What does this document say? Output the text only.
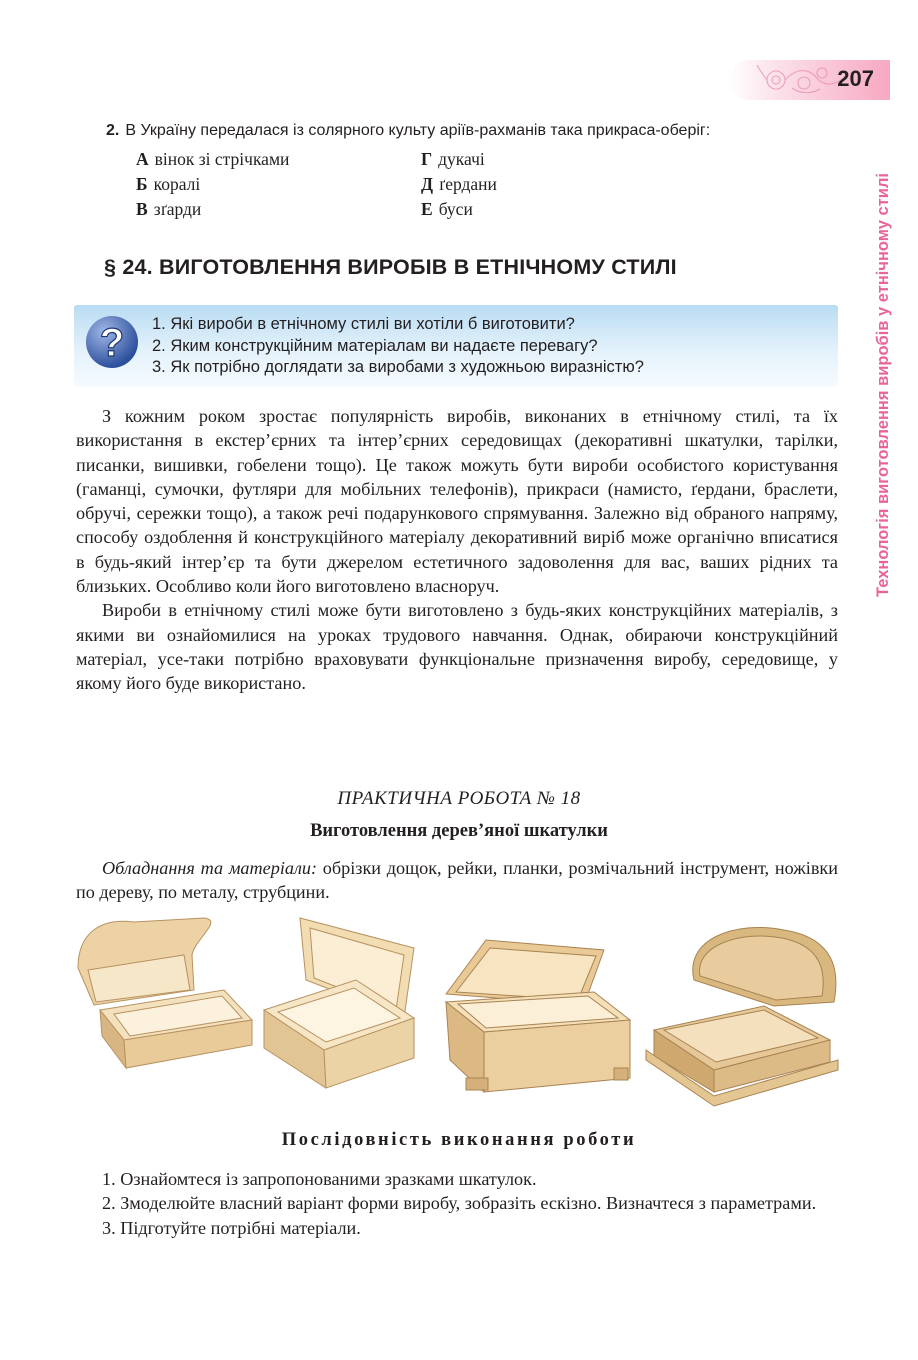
207
Технологія виготовлення виробів у етнічному стилі
2. В Україну передалася із солярного культу аріїв-рахманів така прикраса-оберіг:
А вінок зі стрічками
Б коралі
В зґарди
Г дукачі
Д ґердани
Е буси
§ 24. ВИГОТОВЛЕННЯ ВИРОБІВ В ЕТНІЧНОМУ СТИЛІ
? 1. Які вироби в етнічному стилі ви хотіли б виготовити?
2. Яким конструкційним матеріалам ви надаєте перевагу?
3. Як потрібно доглядати за виробами з художньою виразністю?

З кожним роком зростає популярність виробів, виконаних в етнічному стилі, та їх використання в екстер’єрних та інтер’єрних середовищах (декоративні шкатулки, тарілки, писанки, вишивки, гобелени тощо). Це також можуть бути вироби особистого користування (гаманці, сумочки, футляри для мобільних телефонів), прикраси (намисто, ґердани, браслети, обручі, сережки тощо), а також речі подарункового спрямування. Залежно від обраного напряму, способу оздоблення й конструкційного матеріалу декоративний виріб може органічно вписатися в будь-який інтер’єр та бути джерелом естетичного задоволення для вас, ваших рідних та близьких. Особливо коли його виготовлено власноруч.

Вироби в етнічному стилі може бути виготовлено з будь-яких конструкційних матеріалів, з якими ви ознайомилися на уроках трудового навчання. Однак, обираючи конструкційний матеріал, усе-таки потрібно враховувати функціональне призначення виробу, середовище, у якому його буде використано.

ПРАКТИЧНА РОБОТА № 18
Виготовлення дерев’яної шкатулки

Обладнання та матеріали: обрізки дощок, рейки, планки, розмічальний інструмент, ножівки по дереву, по металу, струбцини.

Послідовність виконання роботи

1. Ознайомтеся із запропонованими зразками шкатулок.

2. Змоделюйте власний варіант форми виробу, зобразіть ескізно. Визначтеся з параметрами.

3. Підготуйте потрібні матеріали.
